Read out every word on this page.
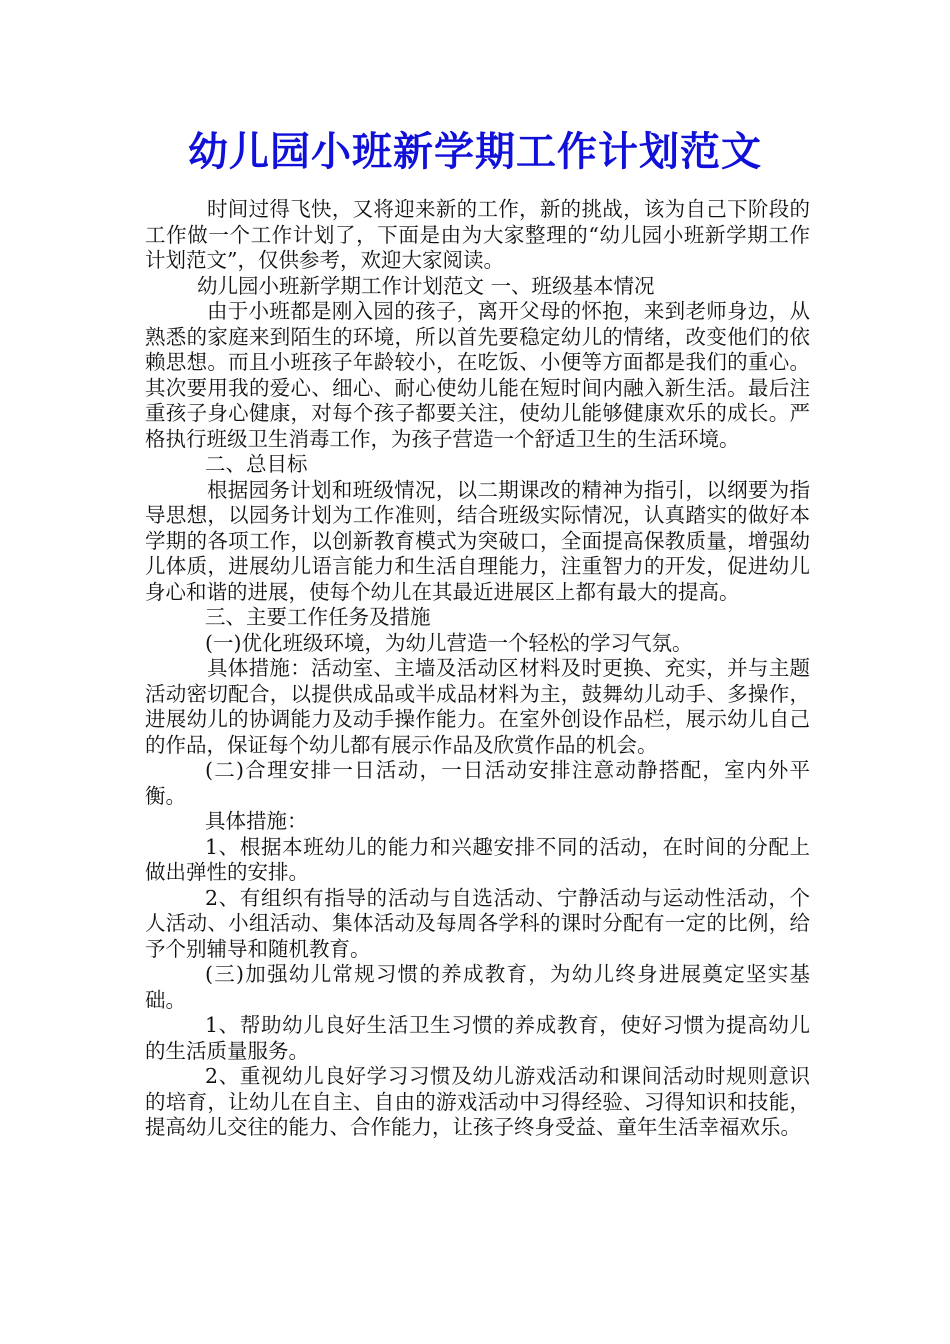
幼儿园小班新学期工作计划范文

时间过得飞快，又将迎来新的工作，新的挑战，该为自己下阶段的工作做一个工作计划了，下面是由为大家整理的“幼儿园小班新学期工作计划范文”，仅供参考，欢迎大家阅读。

幼儿园小班新学期工作计划范文 一、班级基本情况

由于小班都是刚入园的孩子，离开父母的怀抱，来到老师身边，从熟悉的家庭来到陌生的环境，所以首先要稳定幼儿的情绪，改变他们的依赖思想。而且小班孩子年龄较小，在吃饭、小便等方面都是我们的重心。其次要用我的爱心、细心、耐心使幼儿能在短时间内融入新生活。最后注重孩子身心健康，对每个孩子都要关注，使幼儿能够健康欢乐的成长。严格执行班级卫生消毒工作，为孩子营造一个舒适卫生的生活环境。

二、总目标

根据园务计划和班级情况，以二期课改的精神为指引，以纲要为指导思想，以园务计划为工作准则，结合班级实际情况，认真踏实的做好本学期的各项工作，以创新教育模式为突破口，全面提高保教质量，增强幼儿体质，进展幼儿语言能力和生活自理能力，注重智力的开发，促进幼儿身心和谐的进展，使每个幼儿在其最近进展区上都有最大的提高。

三、主要工作任务及措施

(一)优化班级环境，为幼儿营造一个轻松的学习气氛。

具体措施：活动室、主墙及活动区材料及时更换、充实，并与主题活动密切配合，以提供成品或半成品材料为主，鼓舞幼儿动手、多操作，进展幼儿的协调能力及动手操作能力。在室外创设作品栏，展示幼儿自己的作品，保证每个幼儿都有展示作品及欣赏作品的机会。

(二)合理安排一日活动，一日活动安排注意动静搭配，室内外平衡。

具体措施：

1、根据本班幼儿的能力和兴趣安排不同的活动，在时间的分配上做出弹性的安排。

2、有组织有指导的活动与自选活动、宁静活动与运动性活动，个人活动、小组活动、集体活动及每周各学科的课时分配有一定的比例，给予个别辅导和随机教育。

(三)加强幼儿常规习惯的养成教育，为幼儿终身进展奠定坚实基础。

1、帮助幼儿良好生活卫生习惯的养成教育，使好习惯为提高幼儿的生活质量服务。

2、重视幼儿良好学习习惯及幼儿游戏活动和课间活动时规则意识的培育，让幼儿在自主、自由的游戏活动中习得经验、习得知识和技能，提高幼儿交往的能力、合作能力，让孩子终身受益、童年生活幸福欢乐。
